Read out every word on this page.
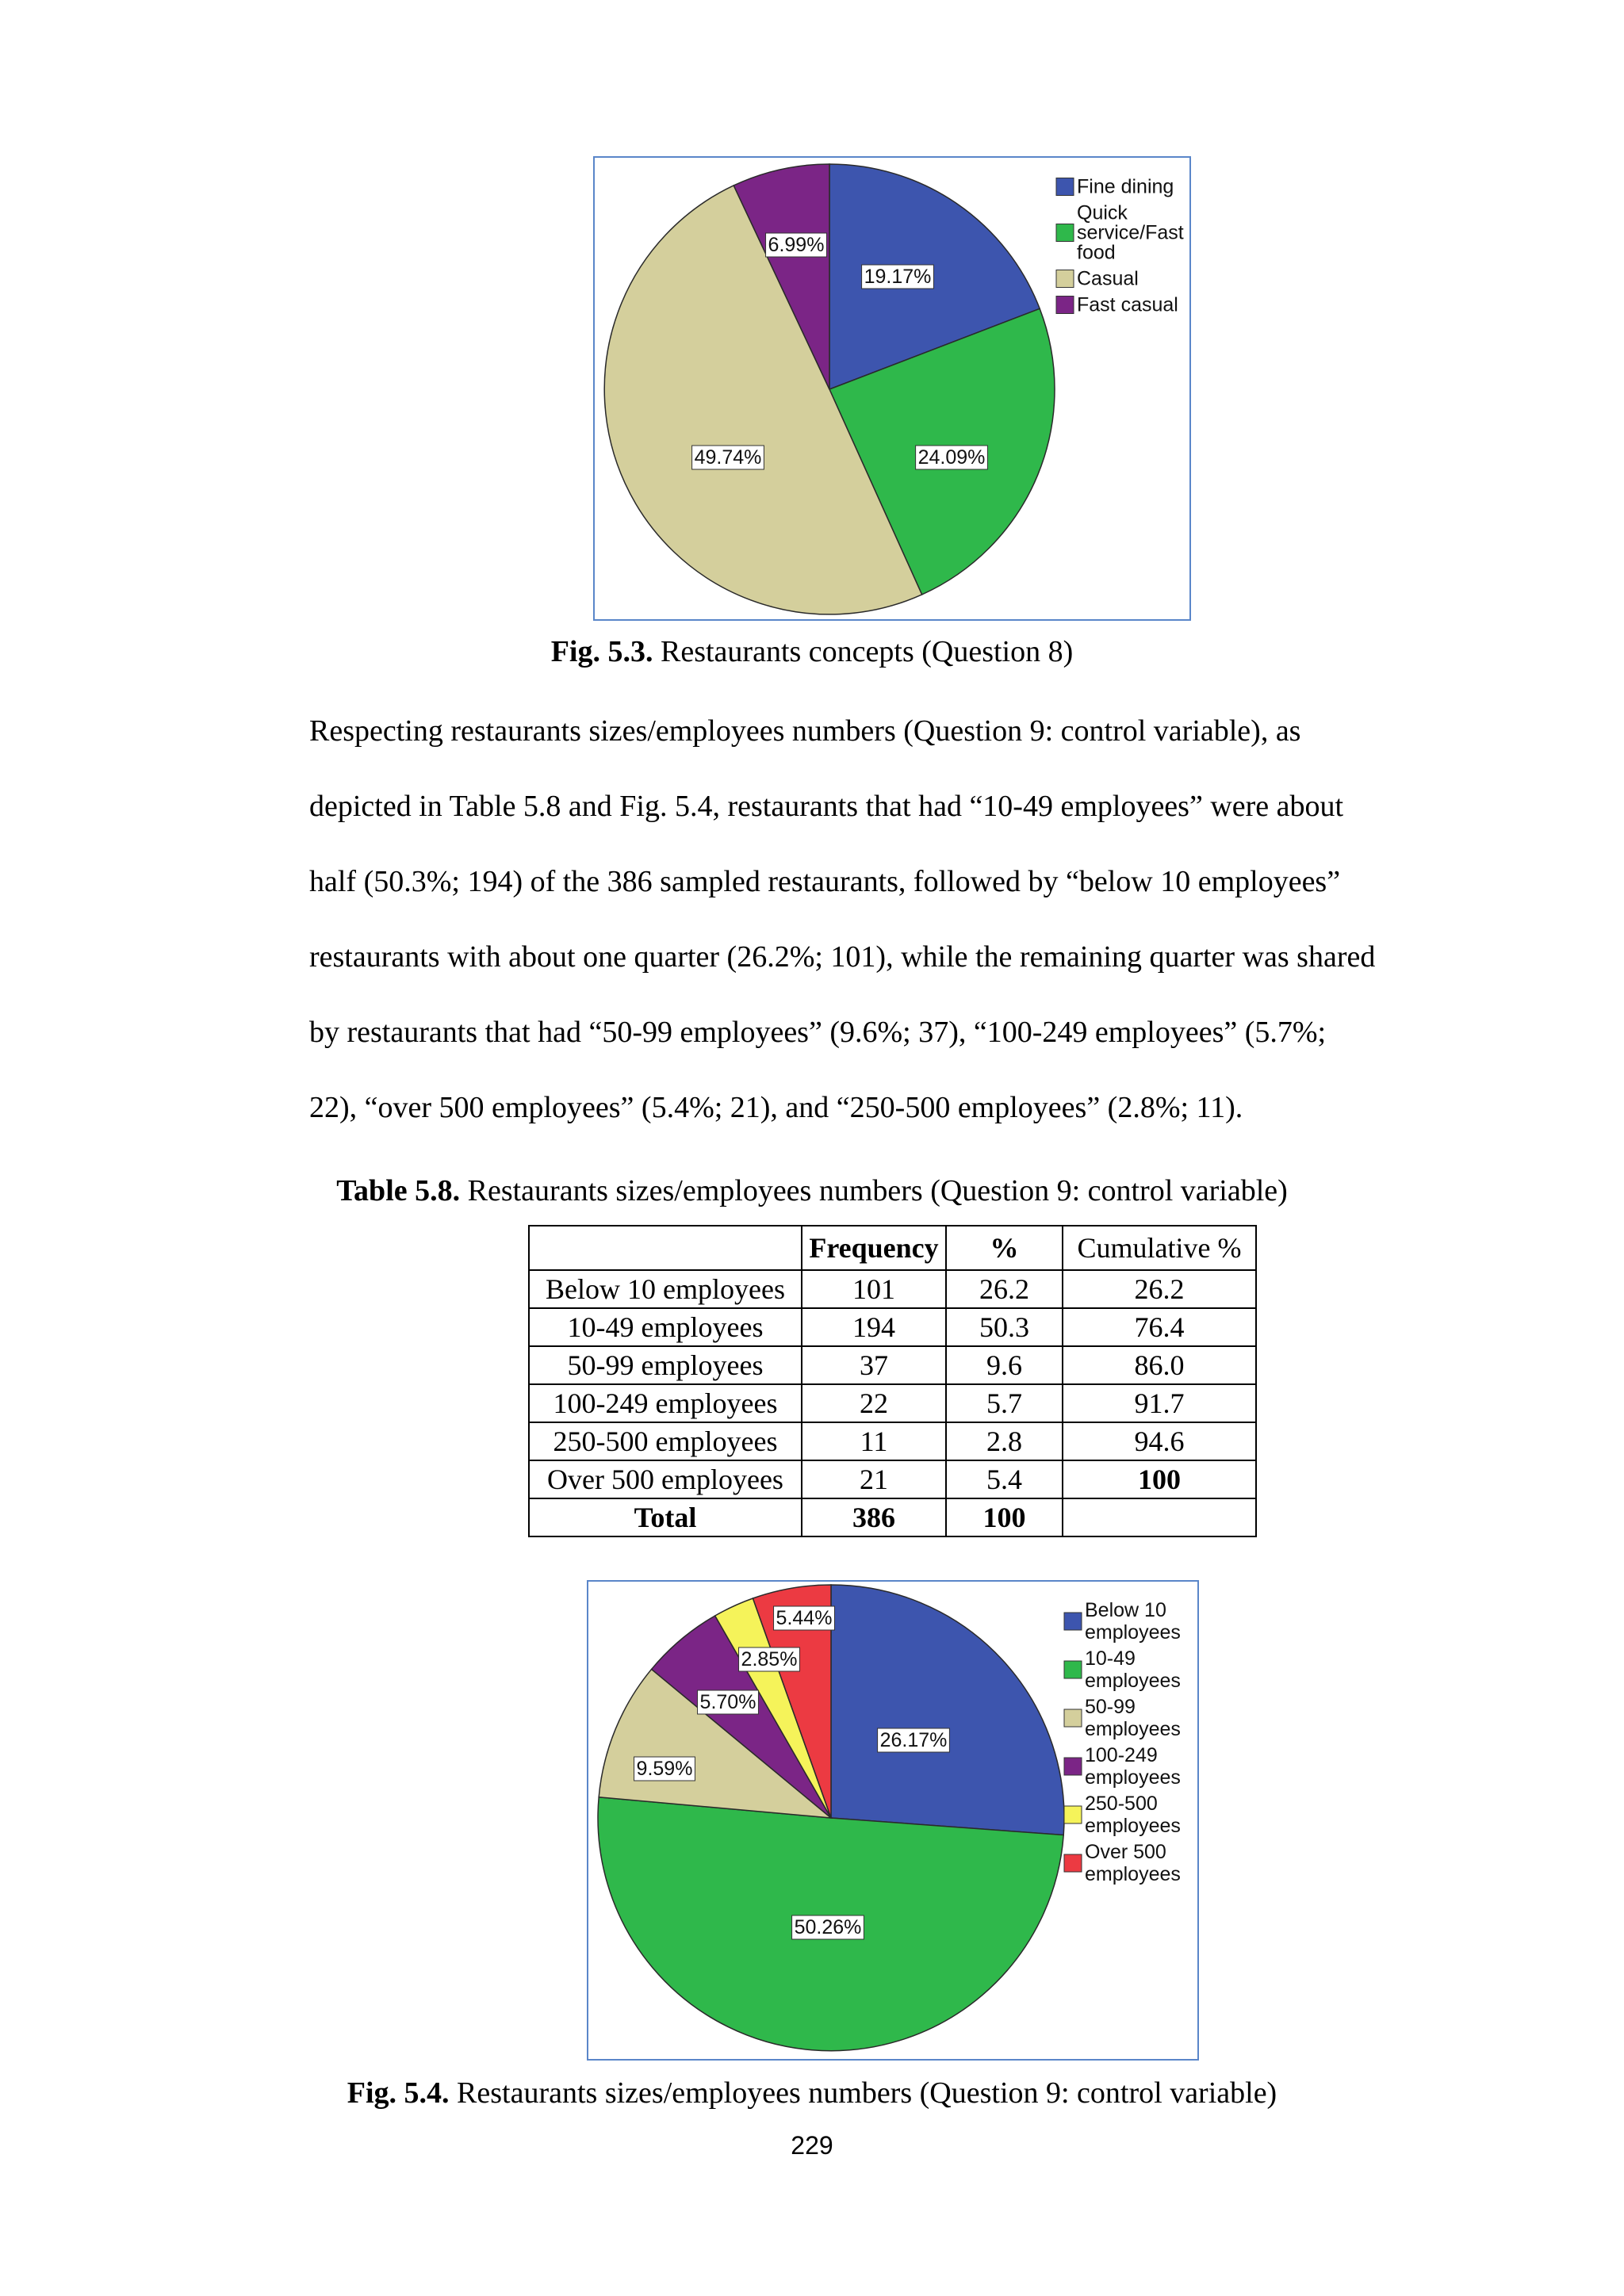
19.17%
24.09%
49.74%
6.99%
Fine dining
Quick
service/Fast
food
Casual
Fast casual
Fig. 5.3. Restaurants concepts (Question 8)
Respecting restaurants sizes/employees numbers (Question 9: control variable), as
depicted in Table 5.8 and Fig. 5.4, restaurants that had “10-49 employees” were about
half (50.3%; 194) of the 386 sampled restaurants, followed by “below 10 employees”
restaurants with about one quarter (26.2%; 101), while the remaining quarter was shared
by restaurants that had “50-99 employees” (9.6%; 37), “100-249 employees” (5.7%;
22), “over 500 employees” (5.4%; 21), and “250-500 employees” (2.8%; 11).
Table 5.8. Restaurants sizes/employees numbers (Question 9: control variable)
	Frequency	%	Cumulative %
Below 10 employees	101	26.2	26.2
10-49 employees	194	50.3	76.4
50-99 employees	37	9.6	86.0
100-249 employees	22	5.7	91.7
250-500 employees	11	2.8	94.6
Over 500 employees	21	5.4	100
Total	386	100	
26.17%
50.26%
9.59%
5.70%
2.85%
5.44%	Below 10
employees
10-49
employees
50-99
employees
100-249
employees
250-500
employees
Over 500
employees
Fig. 5.4. Restaurants sizes/employees numbers (Question 9: control variable)
229
